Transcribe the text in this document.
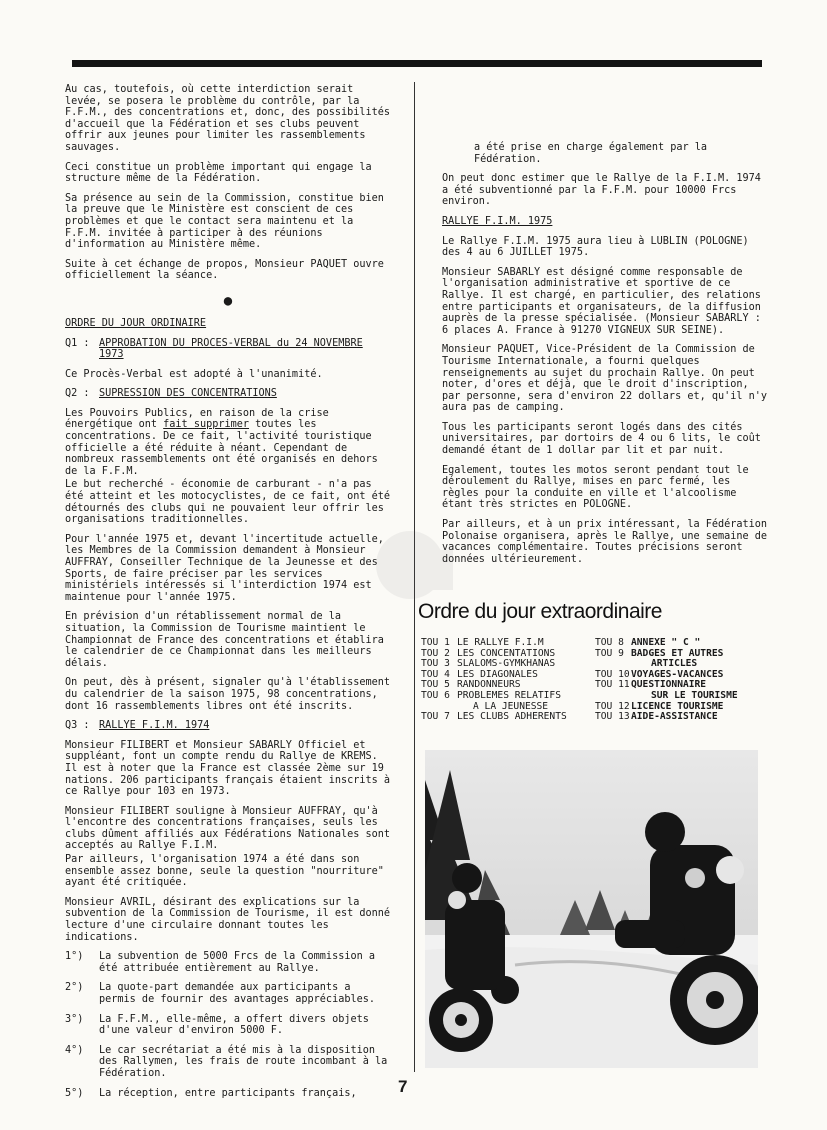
Au cas, toutefois, où cette interdiction serait levée, se posera le problème du contrôle, par la F.F.M., des concentrations et, donc, des possibilités d'accueil que la Fédération et ses clubs peuvent offrir aux jeunes pour limiter les rassemblements sauvages.

Ceci constitue un problème important qui engage la structure même de la Fédération.

Sa présence au sein de la Commission, constitue bien la preuve que le Ministère est conscient de ces problèmes et que le contact sera maintenu et la F.F.M. invitée à participer à des réunions d'information au Ministère même.

Suite à cet échange de propos, Monsieur PAQUET ouvre officiellement la séance.

●

ORDRE DU JOUR ORDINAIRE

Q1 : APPROBATION DU PROCES-VERBAL du 24 NOVEMBRE 1973

Ce Procès-Verbal est adopté à l'unanimité.

Q2 : SUPRESSION DES CONCENTRATIONS

Les Pouvoirs Publics, en raison de la crise énergétique ont fait supprimer toutes les concentrations. De ce fait, l'activité touristique officielle a été réduite à néant. Cependant de nombreux rassemblements ont été organisés en dehors de la F.F.M.

Le but recherché - économie de carburant - n'a pas été atteint et les motocyclistes, de ce fait, ont été détournés des clubs qui ne pouvaient leur offrir les organisations traditionnelles.

Pour l'année 1975 et, devant l'incertitude actuelle, les Membres de la Commission demandent à Monsieur AUFFRAY, Conseiller Technique de la Jeunesse et des Sports, de faire préciser par les services ministériels intéressés si l'interdiction 1974 est maintenue pour l'année 1975.

En prévision d'un rétablissement normal de la situation, la Commission de Tourisme maintient le Championnat de France des concentrations et établira le calendrier de ce Championnat dans les meilleurs délais.

On peut, dès à présent, signaler qu'à l'établissement du calendrier de la saison 1975, 98 concentrations, dont 16 rassemblements libres ont été inscrits.

Q3 : RALLYE F.I.M. 1974

Monsieur FILIBERT et Monsieur SABARLY Officiel et suppléant, font un compte rendu du Rallye de KREMS. Il est à noter que la France est classée 2ème sur 19 nations. 206 participants français étaient inscrits à ce Rallye pour 103 en 1973.

Monsieur FILIBERT souligne à Monsieur AUFFRAY, qu'à l'encontre des concentrations françaises, seuls les clubs dûment affiliés aux Fédérations Nationales sont acceptés au Rallye F.I.M.

Par ailleurs, l'organisation 1974 a été dans son ensemble assez bonne, seule la question "nourriture" ayant été critiquée.

Monsieur AVRIL, désirant des explications sur la subvention de la Commission de Tourisme, il est donné lecture d'une circulaire donnant toutes les indications.

1°)	La subvention de 5000 Frcs de la Commission a été attribuée entièrement au Rallye.
2°)	La quote-part demandée aux participants a permis de fournir des avantages appréciables.
3°)	La F.F.M., elle-même, a offert divers objets d'une valeur d'environ 5000 F.
4°)	Le car secrétariat a été mis à la disposition des Rallymen, les frais de route incombant à la Fédération.
5°)	La réception, entre participants français,

a été prise en charge également par la Fédération.

On peut donc estimer que le Rallye de la F.I.M. 1974 a été subventionné par la F.F.M. pour 10000 Frcs environ.

RALLYE F.I.M. 1975

Le Rallye F.I.M. 1975 aura lieu à LUBLIN (POLOGNE) des 4 au 6 JUILLET 1975.

Monsieur SABARLY est désigné comme responsable de l'organisation administrative et sportive de ce Rallye. Il est chargé, en particulier, des relations entre participants et organisateurs, de la diffusion auprès de la presse spécialisée. (Monsieur SABARLY : 6 places A. France à 91270 VIGNEUX SUR SEINE).

Monsieur PAQUET, Vice-Président de la Commission de Tourisme Internationale, a fourni quelques renseignements au sujet du prochain Rallye. On peut noter, d'ores et déjà, que le droit d'inscription, par personne, sera d'environ 22 dollars et, qu'il n'y aura pas de camping.

Tous les participants seront logés dans des cités universitaires, par dortoirs de 4 ou 6 lits, le coût demandé étant de 1 dollar par lit et par nuit.

Egalement, toutes les motos seront pendant tout le déroulement du Rallye, mises en parc fermé, les règles pour la conduite en ville et l'alcoolisme étant très strictes en POLOGNE.

Par ailleurs, et à un prix intéressant, la Fédération Polonaise organisera, après le Rallye, une semaine de vacances complémentaire. Toutes précisions seront données ultérieurement.

Ordre du jour extraordinaire
TOU 1 LE RALLYE F.I.M	TOU 8 ANNEXE " C "
TOU 2 LES CONCENTATIONS	TOU 9 BADGES ET AUTRES
TOU 3 SLALOMS-GYMKHANAS	ARTICLES
TOU 4 LES DIAGONALES	TOU 10 VOYAGES-VACANCES
TOU 5 RANDONNEURS	TOU 11 QUESTIONNAIRE
TOU 6 PROBLEMES RELATIFS	SUR LE TOURISME
A LA JEUNESSE	TOU 12 LICENCE TOURISME
TOU 7 LES CLUBS ADHERENTS	TOU 13 AIDE-ASSISTANCE
7
